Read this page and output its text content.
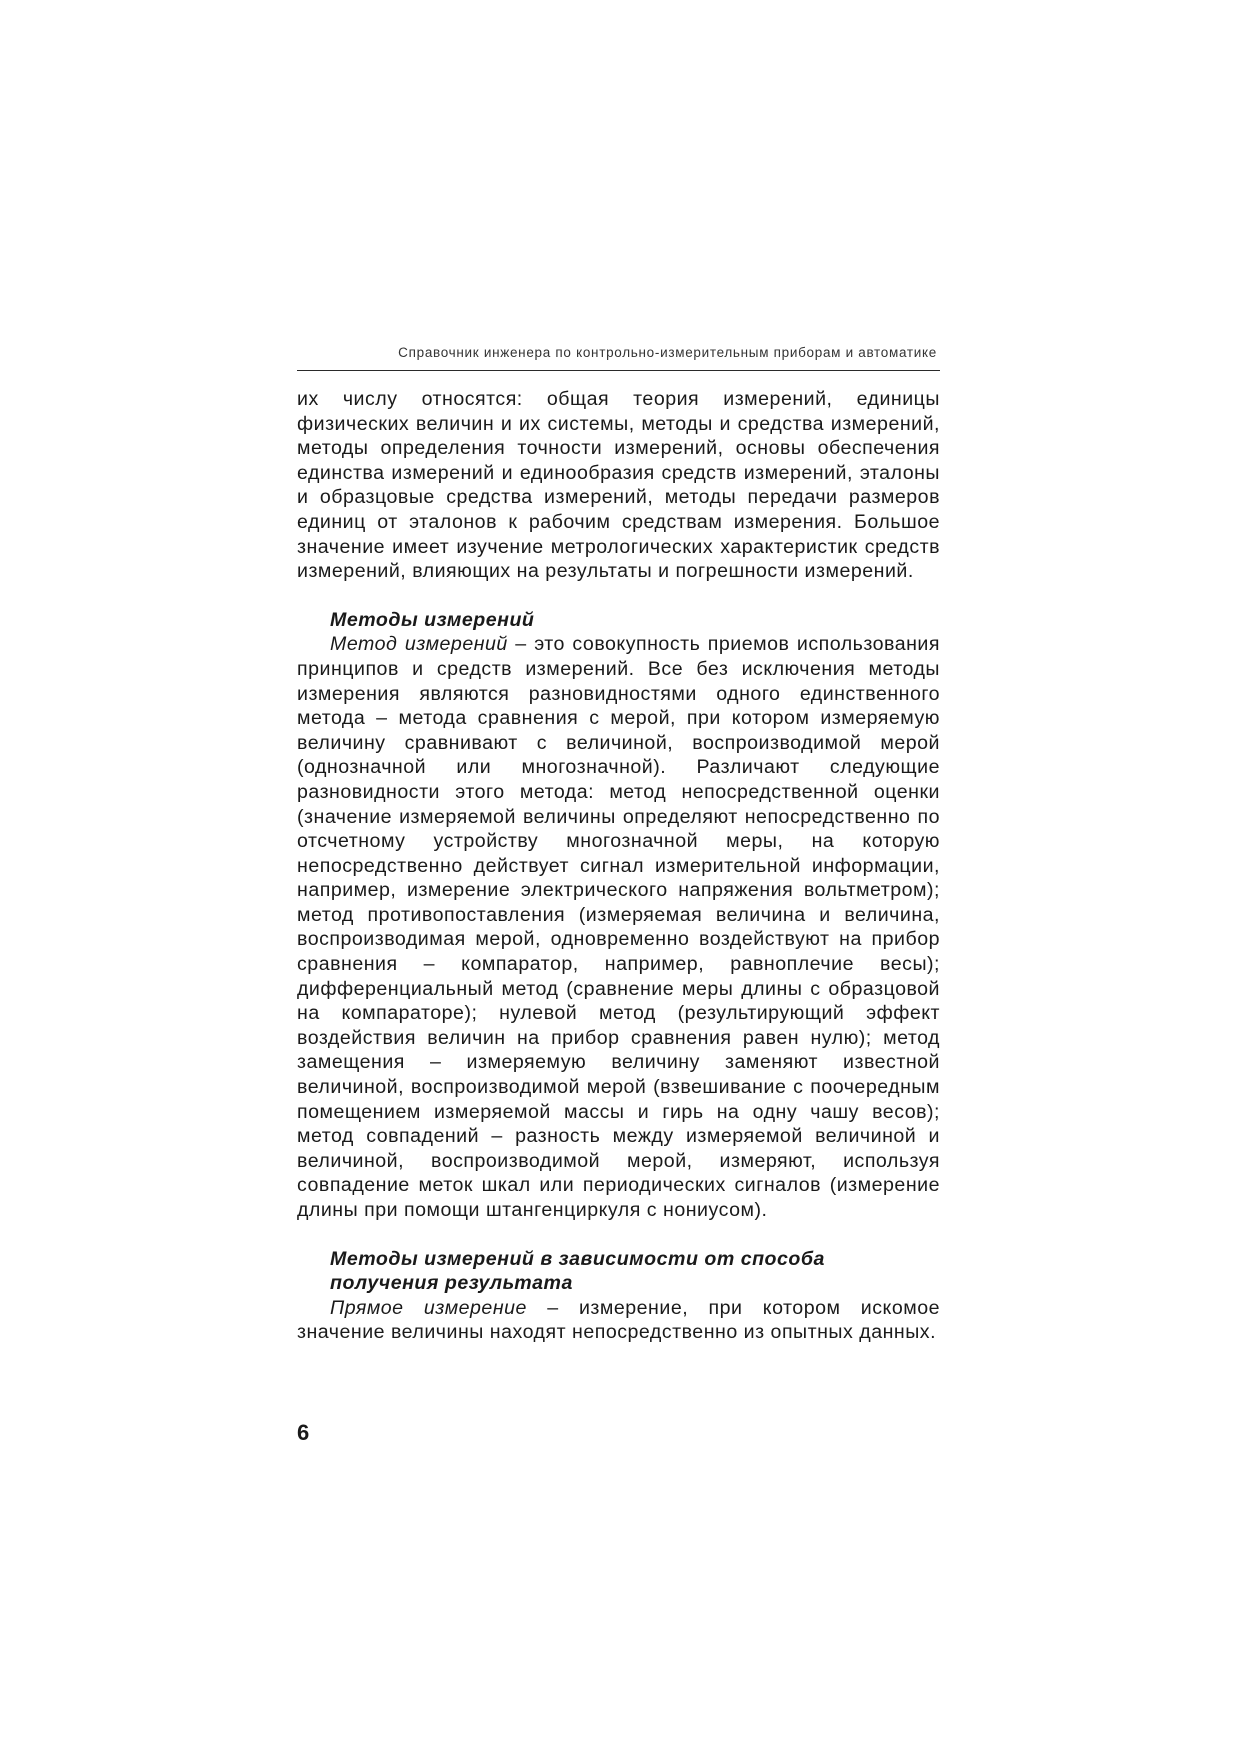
Справочник инженера по контрольно-измерительным приборам и автоматике

их числу относятся: общая теория измерений, единицы физических величин и их системы, методы и средства измерений, методы определения точности измерений, основы обеспечения единства измерений и единообразия средств измерений, эталоны и образцовые средства измерений, методы передачи размеров единиц от эталонов к рабочим средствам измерения. Большое значение имеет изучение метрологических характеристик средств измерений, влияющих на результаты и погрешности измерений.

Методы измерений

Метод измерений – это совокупность приемов использования принципов и средств измерений. Все без исключения методы измерения являются разновидностями одного единственного метода – метода сравнения с мерой, при котором измеряемую величину сравнивают с величиной, воспроизводимой мерой (однозначной или многозначной). Различают следующие разновидности этого метода: метод непосредственной оценки (значение измеряемой величины определяют непосредственно по отсчетному устройству многозначной меры, на которую непосредственно действует сигнал измерительной информации, например, измерение электрического напряжения вольтметром); метод противопоставления (измеряемая величина и величина, воспроизводимая мерой, одновременно воздействуют на прибор сравнения – компаратор, например, равноплечие весы); дифференциальный метод (сравнение меры длины с образцовой на компараторе); нулевой метод (результирующий эффект воздействия величин на прибор сравнения равен нулю); метод замещения – измеряемую величину заменяют известной величиной, воспроизводимой мерой (взвешивание с поочередным помещением измеряемой массы и гирь на одну чашу весов); метод совпадений – разность между измеряемой величиной и величиной, воспроизводимой мерой, измеряют, используя совпадение меток шкал или периодических сигналов (измерение длины при помощи штангенциркуля с нониусом).

Методы измерений в зависимости от способа

получения результата

Прямое измерение – измерение, при котором искомое значение величины находят непосредственно из опытных данных.

6
